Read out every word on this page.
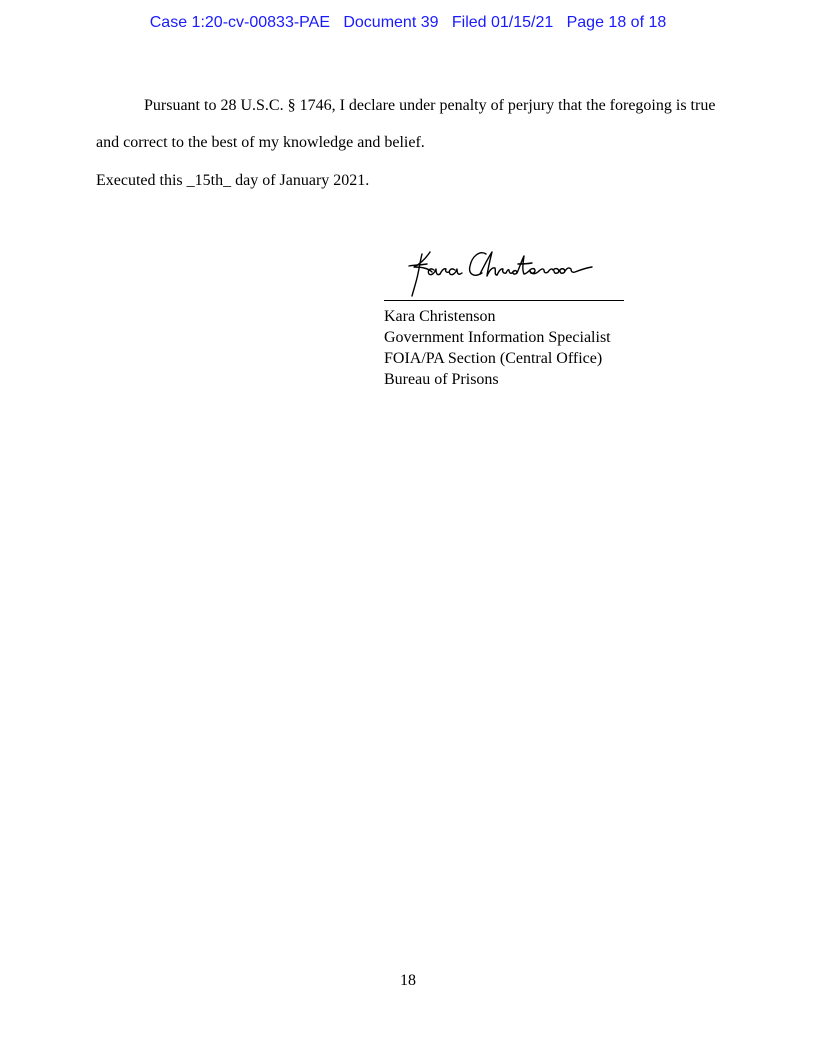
Case 1:20-cv-00833-PAE Document 39 Filed 01/15/21 Page 18 of 18
Pursuant to 28 U.S.C. § 1746, I declare under penalty of perjury that the foregoing is true
and correct to the best of my knowledge and belief.
Executed this _15th_ day of January 2021.
Kara Christenson
Government Information Specialist
FOIA/PA Section (Central Office)
Bureau of Prisons
18
